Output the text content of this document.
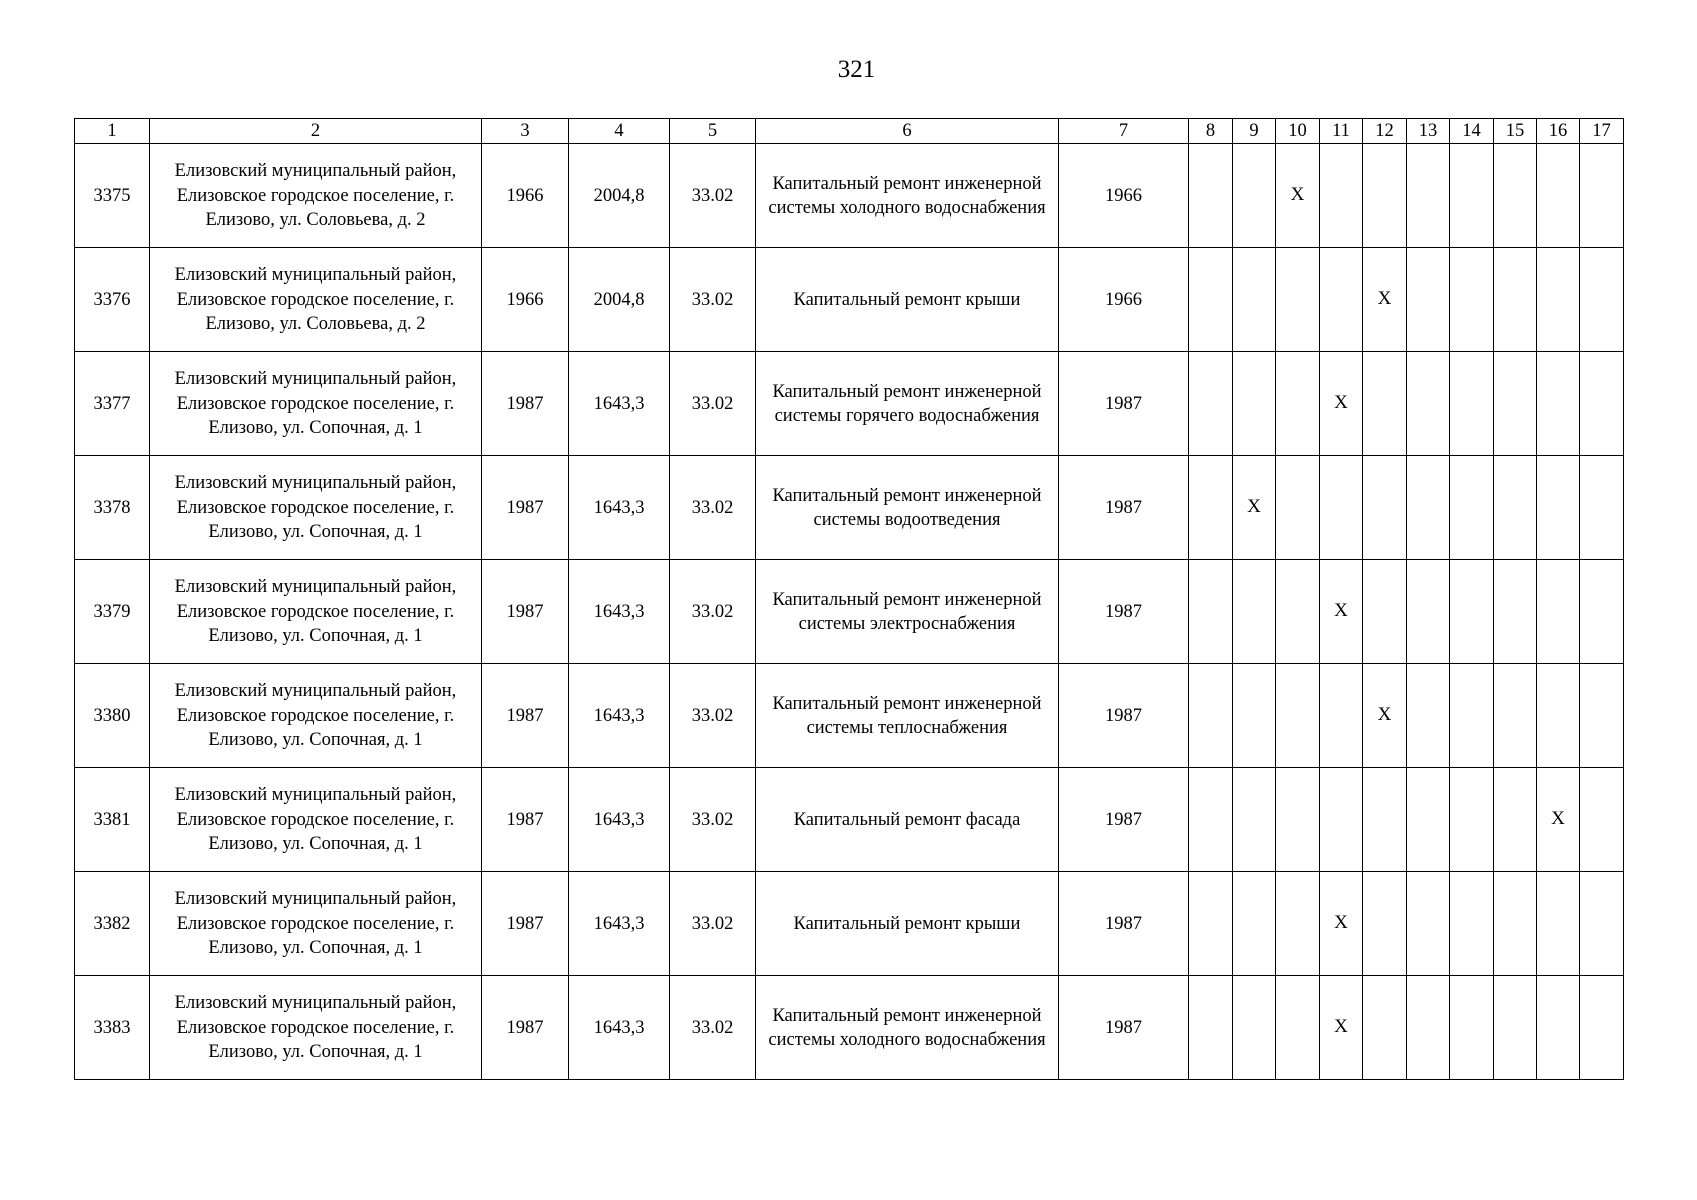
321
1	2	3	4	5	6	7	8	9	10	11	12	13	14	15	16	17
3375	Елизовский муниципальный район, Елизовское городское поселение, г. Елизово, ул. Соловьева, д. 2	1966	2004,8	33.02	Капитальный ремонт инженерной системы холодного водоснабжения	1966			X							
3376	Елизовский муниципальный район, Елизовское городское поселение, г. Елизово, ул. Соловьева, д. 2	1966	2004,8	33.02	Капитальный ремонт крыши	1966					X					
3377	Елизовский муниципальный район, Елизовское городское поселение, г. Елизово, ул. Сопочная, д. 1	1987	1643,3	33.02	Капитальный ремонт инженерной системы горячего водоснабжения	1987				X						
3378	Елизовский муниципальный район, Елизовское городское поселение, г. Елизово, ул. Сопочная, д. 1	1987	1643,3	33.02	Капитальный ремонт инженерной системы водоотведения	1987		X								
3379	Елизовский муниципальный район, Елизовское городское поселение, г. Елизово, ул. Сопочная, д. 1	1987	1643,3	33.02	Капитальный ремонт инженерной системы электроснабжения	1987				X						
3380	Елизовский муниципальный район, Елизовское городское поселение, г. Елизово, ул. Сопочная, д. 1	1987	1643,3	33.02	Капитальный ремонт инженерной системы теплоснабжения	1987					X					
3381	Елизовский муниципальный район, Елизовское городское поселение, г. Елизово, ул. Сопочная, д. 1	1987	1643,3	33.02	Капитальный ремонт фасада	1987									X	
3382	Елизовский муниципальный район, Елизовское городское поселение, г. Елизово, ул. Сопочная, д. 1	1987	1643,3	33.02	Капитальный ремонт крыши	1987				X						
3383	Елизовский муниципальный район, Елизовское городское поселение, г. Елизово, ул. Сопочная, д. 1	1987	1643,3	33.02	Капитальный ремонт инженерной системы холодного водоснабжения	1987				X						
